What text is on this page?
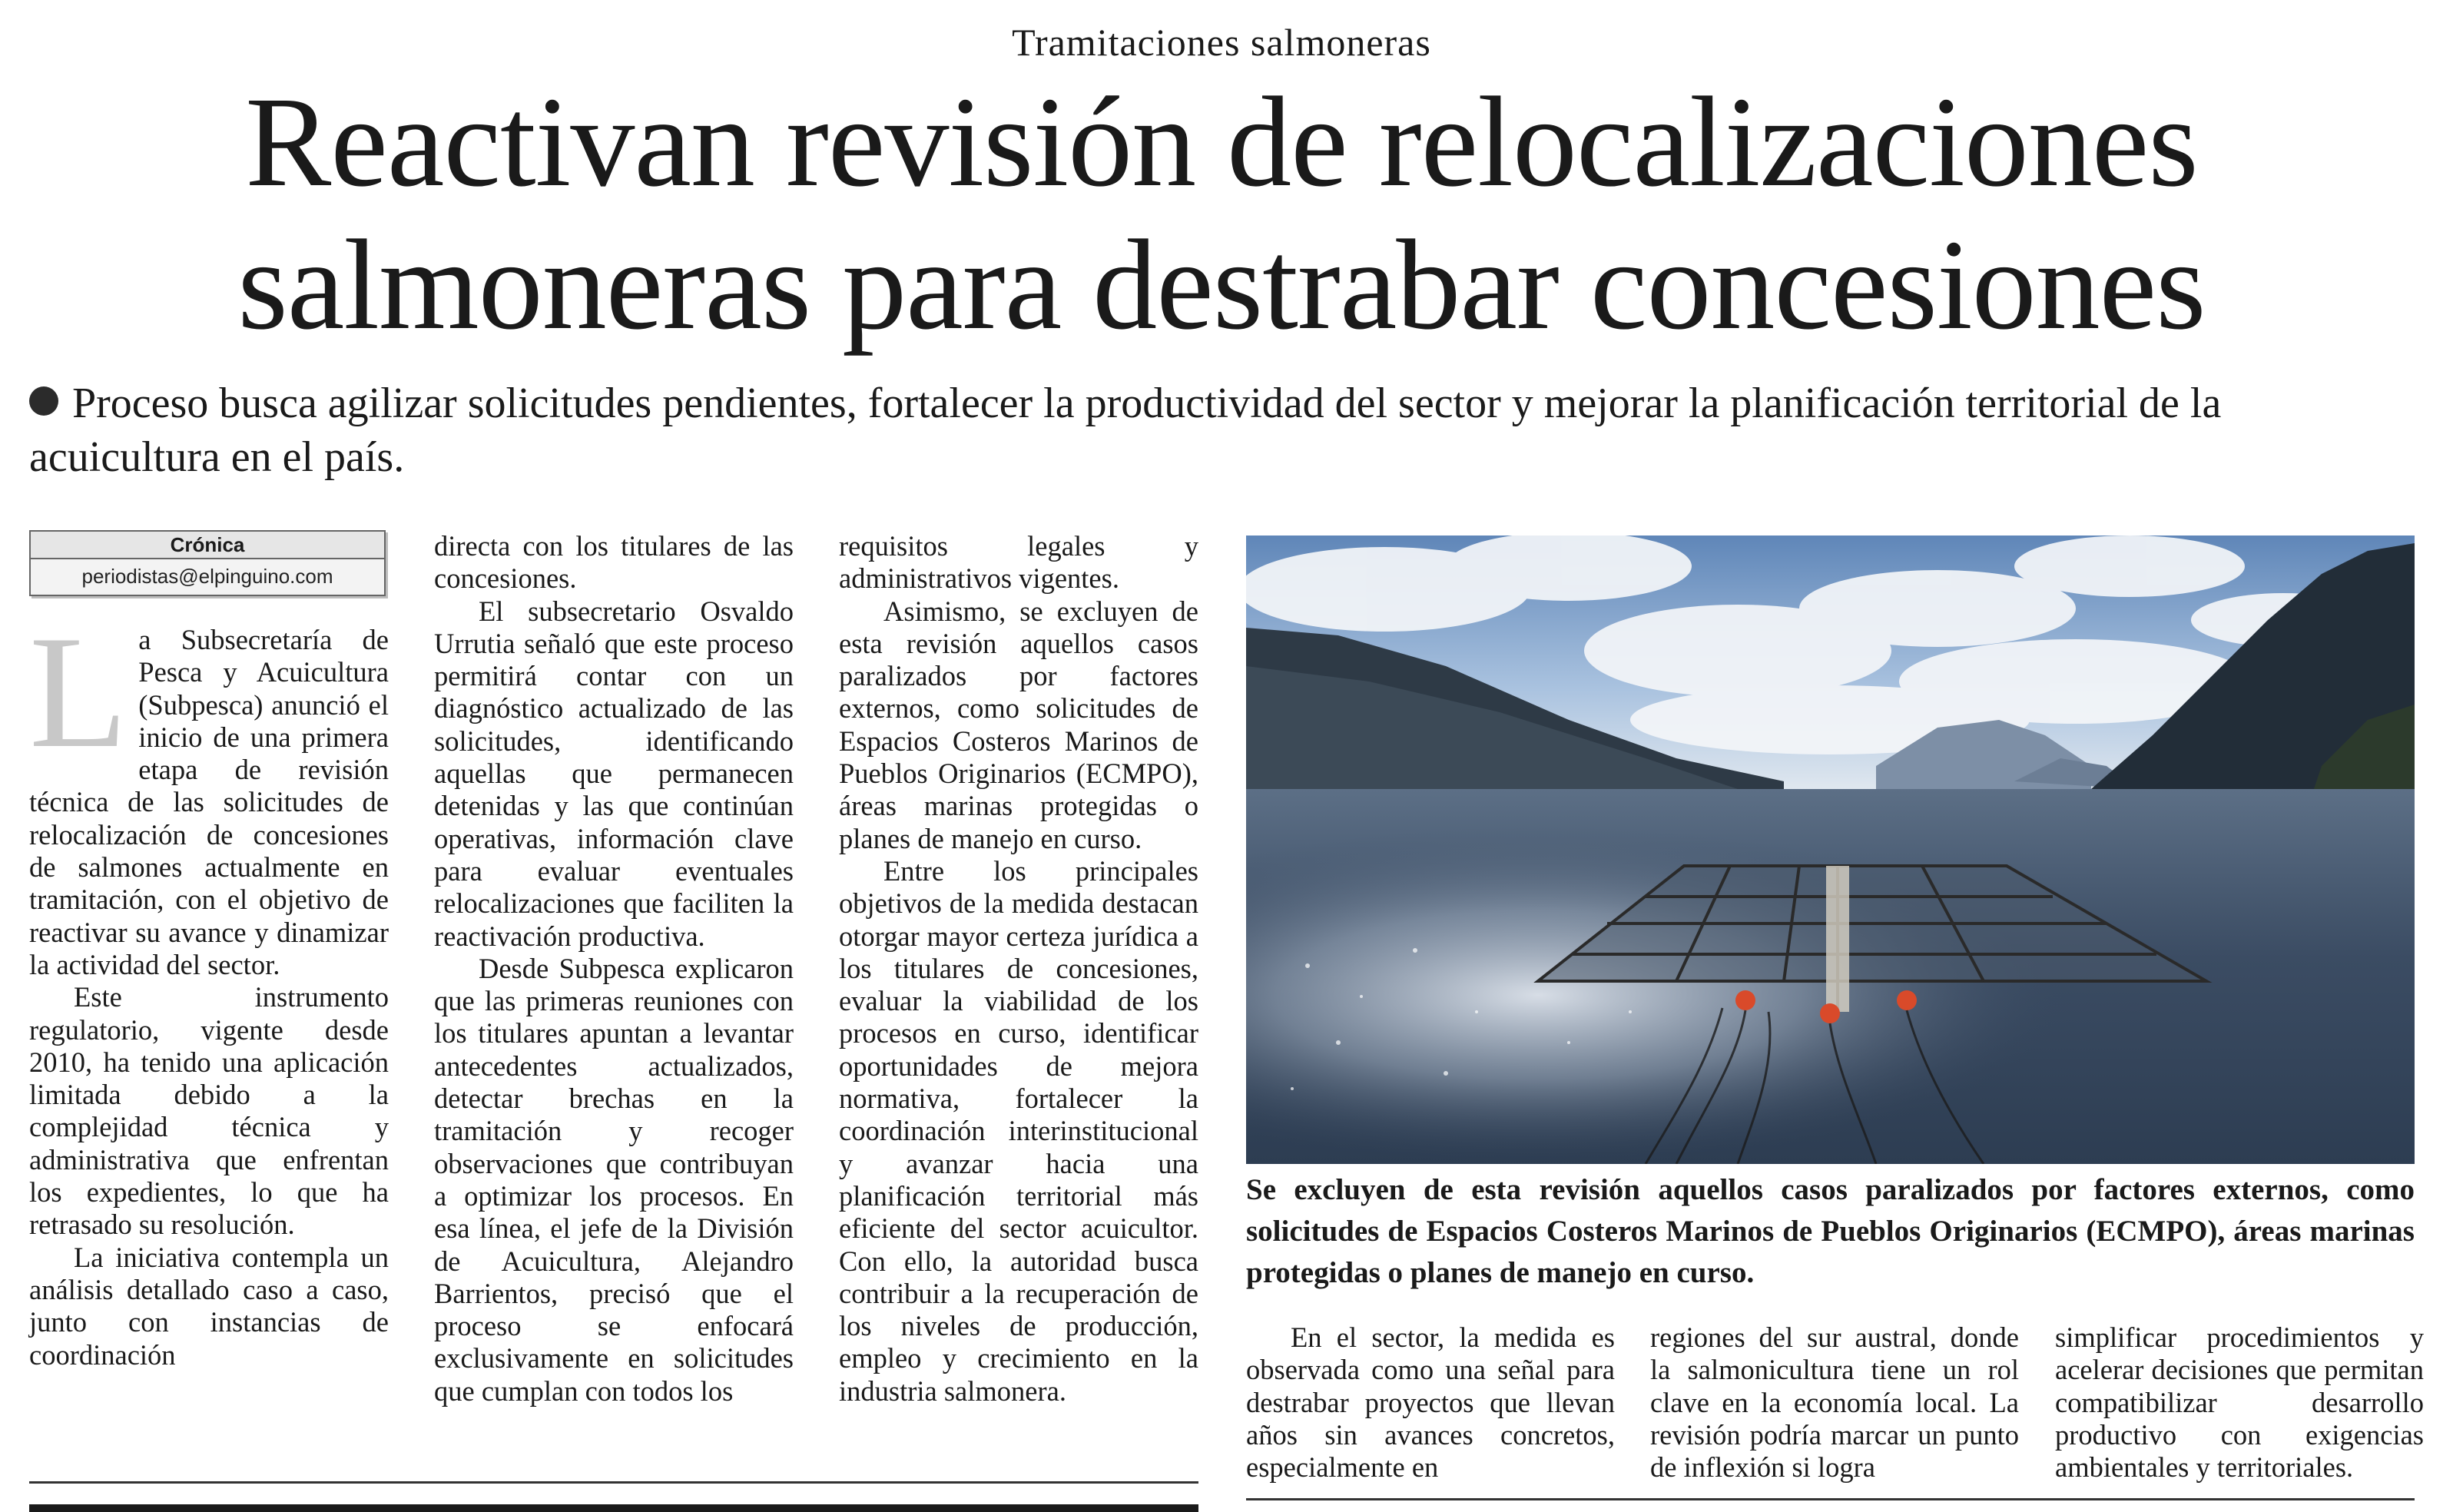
Tramitaciones salmoneras
Reactivan revisión de relocalizaciones salmoneras para destrabar concesiones
Proceso busca agilizar solicitudes pendientes, fortalecer la productividad del sector y mejorar la planificación territorial de la acuicultura en el país.
Crónica
periodistas@elpinguino.com
L a Subsecretaría de Pesca y Acuicultura (Subpesca) anunció el inicio de una primera etapa de revisión técnica de las solicitudes de relocalización de concesiones de salmones actualmente en tramitación, con el objetivo de reactivar su avance y dinamizar la actividad del sector.

Este instrumento regulatorio, vigente desde 2010, ha tenido una aplicación limitada debido a la complejidad técnica y administrativa que enfrentan los expedientes, lo que ha retrasado su resolución.

La iniciativa contempla un análisis detallado caso a caso, junto con instancias de coordinación

directa con los titulares de las concesiones.

El subsecretario Osvaldo Urrutia señaló que este proceso permitirá contar con un diagnóstico actualizado de las solicitudes, identificando aquellas que permanecen detenidas y las que continúan operativas, información clave para evaluar eventuales relocalizaciones que faciliten la reactivación productiva.

Desde Subpesca explicaron que las primeras reuniones con los titulares apuntan a levantar antecedentes actualizados, detectar brechas en la tramitación y recoger observaciones que contribuyan a optimizar los procesos. En esa línea, el jefe de la División de Acuicultura, Alejandro Barrientos, precisó que el proceso se enfocará exclusivamente en solicitudes que cumplan con todos los

requisitos legales y administrativos vigentes.

Asimismo, se excluyen de esta revisión aquellos casos paralizados por factores externos, como solicitudes de Espacios Costeros Marinos de Pueblos Originarios (ECMPO), áreas marinas protegidas o planes de manejo en curso.

Entre los principales objetivos de la medida destacan otorgar mayor certeza jurídica a los titulares de concesiones, evaluar la viabilidad de los procesos en curso, identificar oportunidades de mejora normativa, fortalecer la coordinación interinstitucional y avanzar hacia una planificación territorial más eficiente del sector acuicultor. Con ello, la autoridad busca contribuir a la recuperación de los niveles de producción, empleo y crecimiento en la industria salmonera.

Se excluyen de esta revisión aquellos casos paralizados por factores externos, como solicitudes de Espacios Costeros Marinos de Pueblos Originarios (ECMPO), áreas marinas protegidas o planes de manejo en curso.

En el sector, la medida es observada como una señal para destrabar proyectos que llevan años sin avances concretos, especialmente en

regiones del sur austral, donde la salmonicultura tiene un rol clave en la economía local. La revisión podría marcar un punto de inflexión si logra

simplificar procedimientos y acelerar decisiones que permitan compatibilizar desarrollo productivo con exigencias ambientales y territoriales.
